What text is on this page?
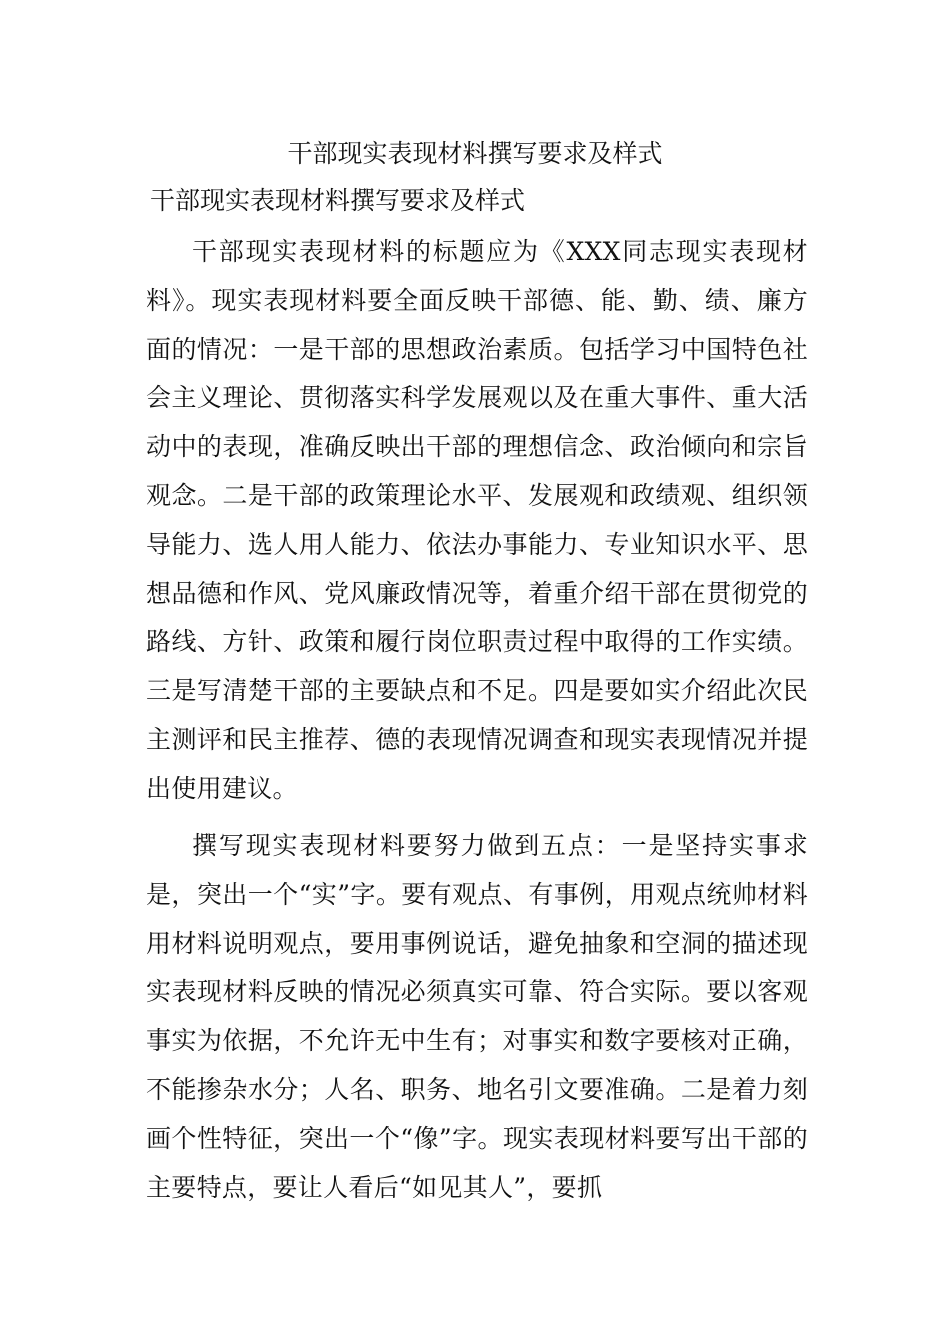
干部现实表现材料撰写要求及样式
干部现实表现材料撰写要求及样式

干部现实表现材料的标题应为《XXX同志现实表现材料》。现实表现材料要全面反映干部德、能、勤、绩、廉方面的情况：一是干部的思想政治素质。包括学习中国特色社会主义理论、贯彻落实科学发展观以及在重大事件、重大活动中的表现，准确反映出干部的理想信念、政治倾向和宗旨观念。二是干部的政策理论水平、发展观和政绩观、组织领导能力、选人用人能力、依法办事能力、专业知识水平、思想品德和作风、党风廉政情况等，着重介绍干部在贯彻党的路线、方针、政策和履行岗位职责过程中取得的工作实绩。三是写清楚干部的主要缺点和不足。四是要如实介绍此次民主测评和民主推荐、德的表现情况调查和现实表现情况并提出使用建议。

撰写现实表现材料要努力做到五点：一是坚持实事求是，突出一个“实”字。要有观点、有事例，用观点统帅材料用材料说明观点，要用事例说话，避免抽象和空洞的描述现实表现材料反映的情况必须真实可靠、符合实际。要以客观事实为依据，不允许无中生有；对事实和数字要核对正确，不能掺杂水分；人名、职务、地名引文要准确。二是着力刻画个性特征，突出一个“像”字。现实表现材料要写出干部的主要特点，要让人看后“如见其人”，要抓
